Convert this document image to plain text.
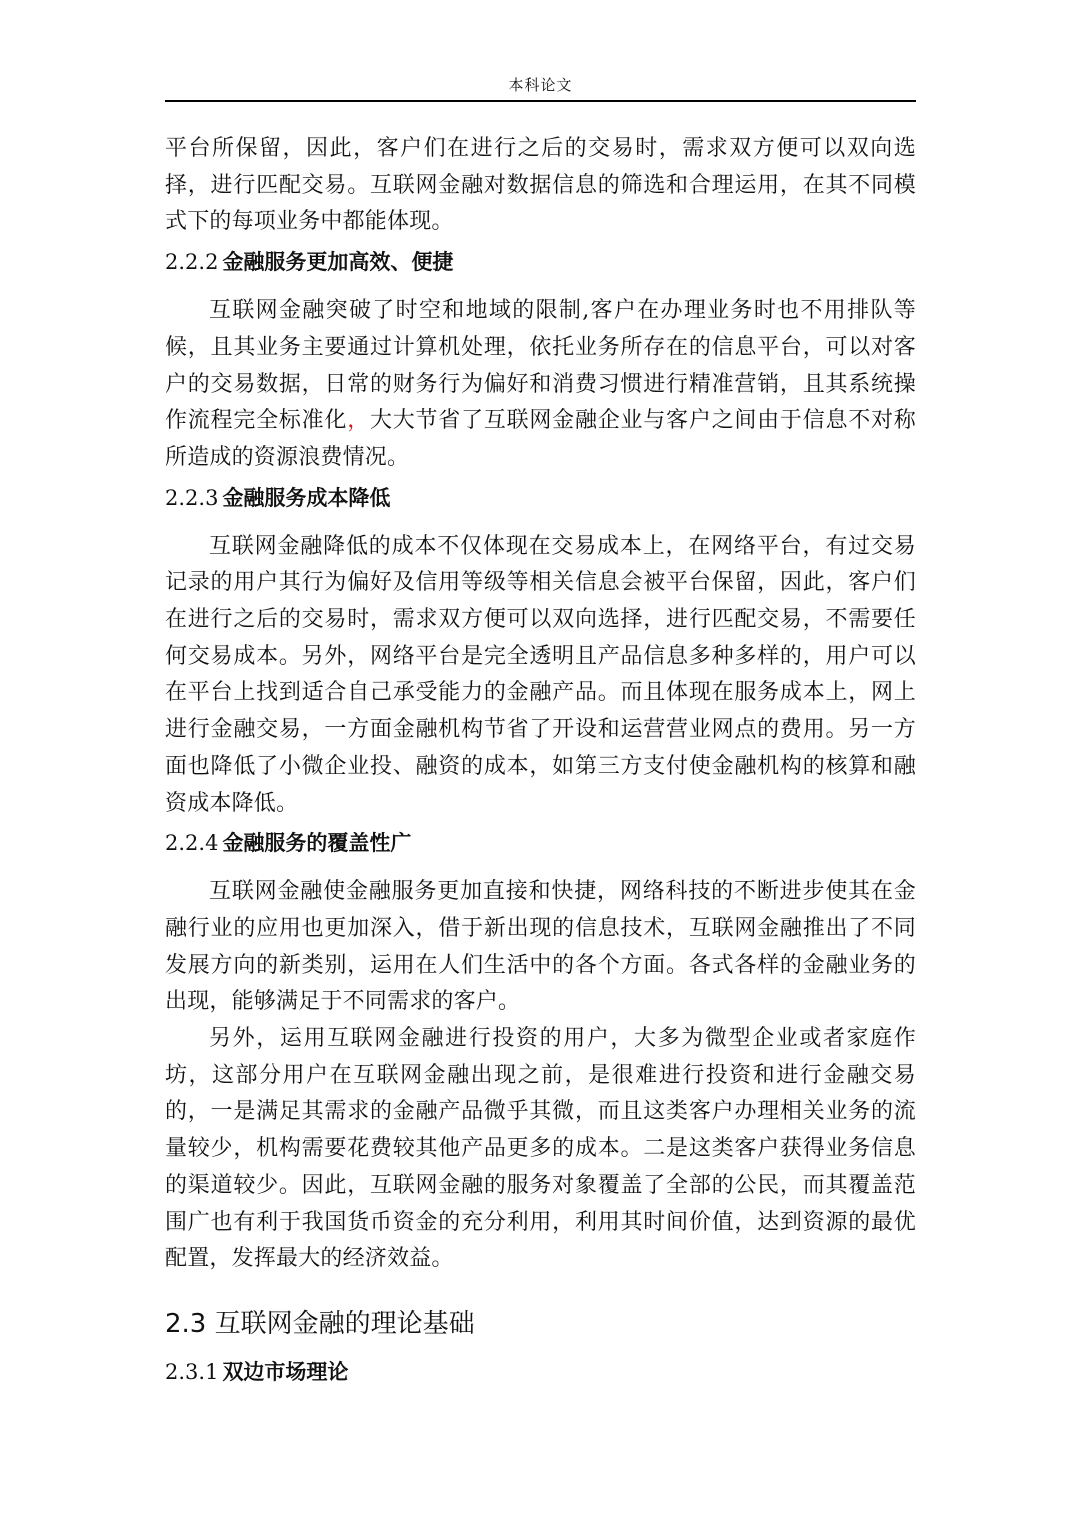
本科论文

平台所保留，因此，客户们在进行之后的交易时，需求双方便可以双向选择，进行匹配交易。互联网金融对数据信息的筛选和合理运用，在其不同模式下的每项业务中都能体现。

2.2.2 金融服务更加高效、便捷

互联网金融突破了时空和地域的限制,客户在办理业务时也不用排队等候，且其业务主要通过计算机处理，依托业务所存在的信息平台，可以对客户的交易数据，日常的财务行为偏好和消费习惯进行精准营销，且其系统操作流程完全标准化，大大节省了互联网金融企业与客户之间由于信息不对称所造成的资源浪费情况。

2.2.3 金融服务成本降低

互联网金融降低的成本不仅体现在交易成本上，在网络平台，有过交易记录的用户其行为偏好及信用等级等相关信息会被平台保留，因此，客户们在进行之后的交易时，需求双方便可以双向选择，进行匹配交易，不需要任何交易成本。另外，网络平台是完全透明且产品信息多种多样的，用户可以在平台上找到适合自己承受能力的金融产品。而且体现在服务成本上，网上进行金融交易，一方面金融机构节省了开设和运营营业网点的费用。另一方面也降低了小微企业投、融资的成本，如第三方支付使金融机构的核算和融资成本降低。

2.2.4 金融服务的覆盖性广

互联网金融使金融服务更加直接和快捷，网络科技的不断进步使其在金融行业的应用也更加深入，借于新出现的信息技术，互联网金融推出了不同发展方向的新类别，运用在人们生活中的各个方面。各式各样的金融业务的出现，能够满足于不同需求的客户。

另外，运用互联网金融进行投资的用户，大多为微型企业或者家庭作坊，这部分用户在互联网金融出现之前，是很难进行投资和进行金融交易的，一是满足其需求的金融产品微乎其微，而且这类客户办理相关业务的流量较少，机构需要花费较其他产品更多的成本。二是这类客户获得业务信息的渠道较少。因此，互联网金融的服务对象覆盖了全部的公民，而其覆盖范围广也有利于我国货币资金的充分利用，利用其时间价值，达到资源的最优配置，发挥最大的经济效益。

2.3 互联网金融的理论基础
2.3.1 双边市场理论
